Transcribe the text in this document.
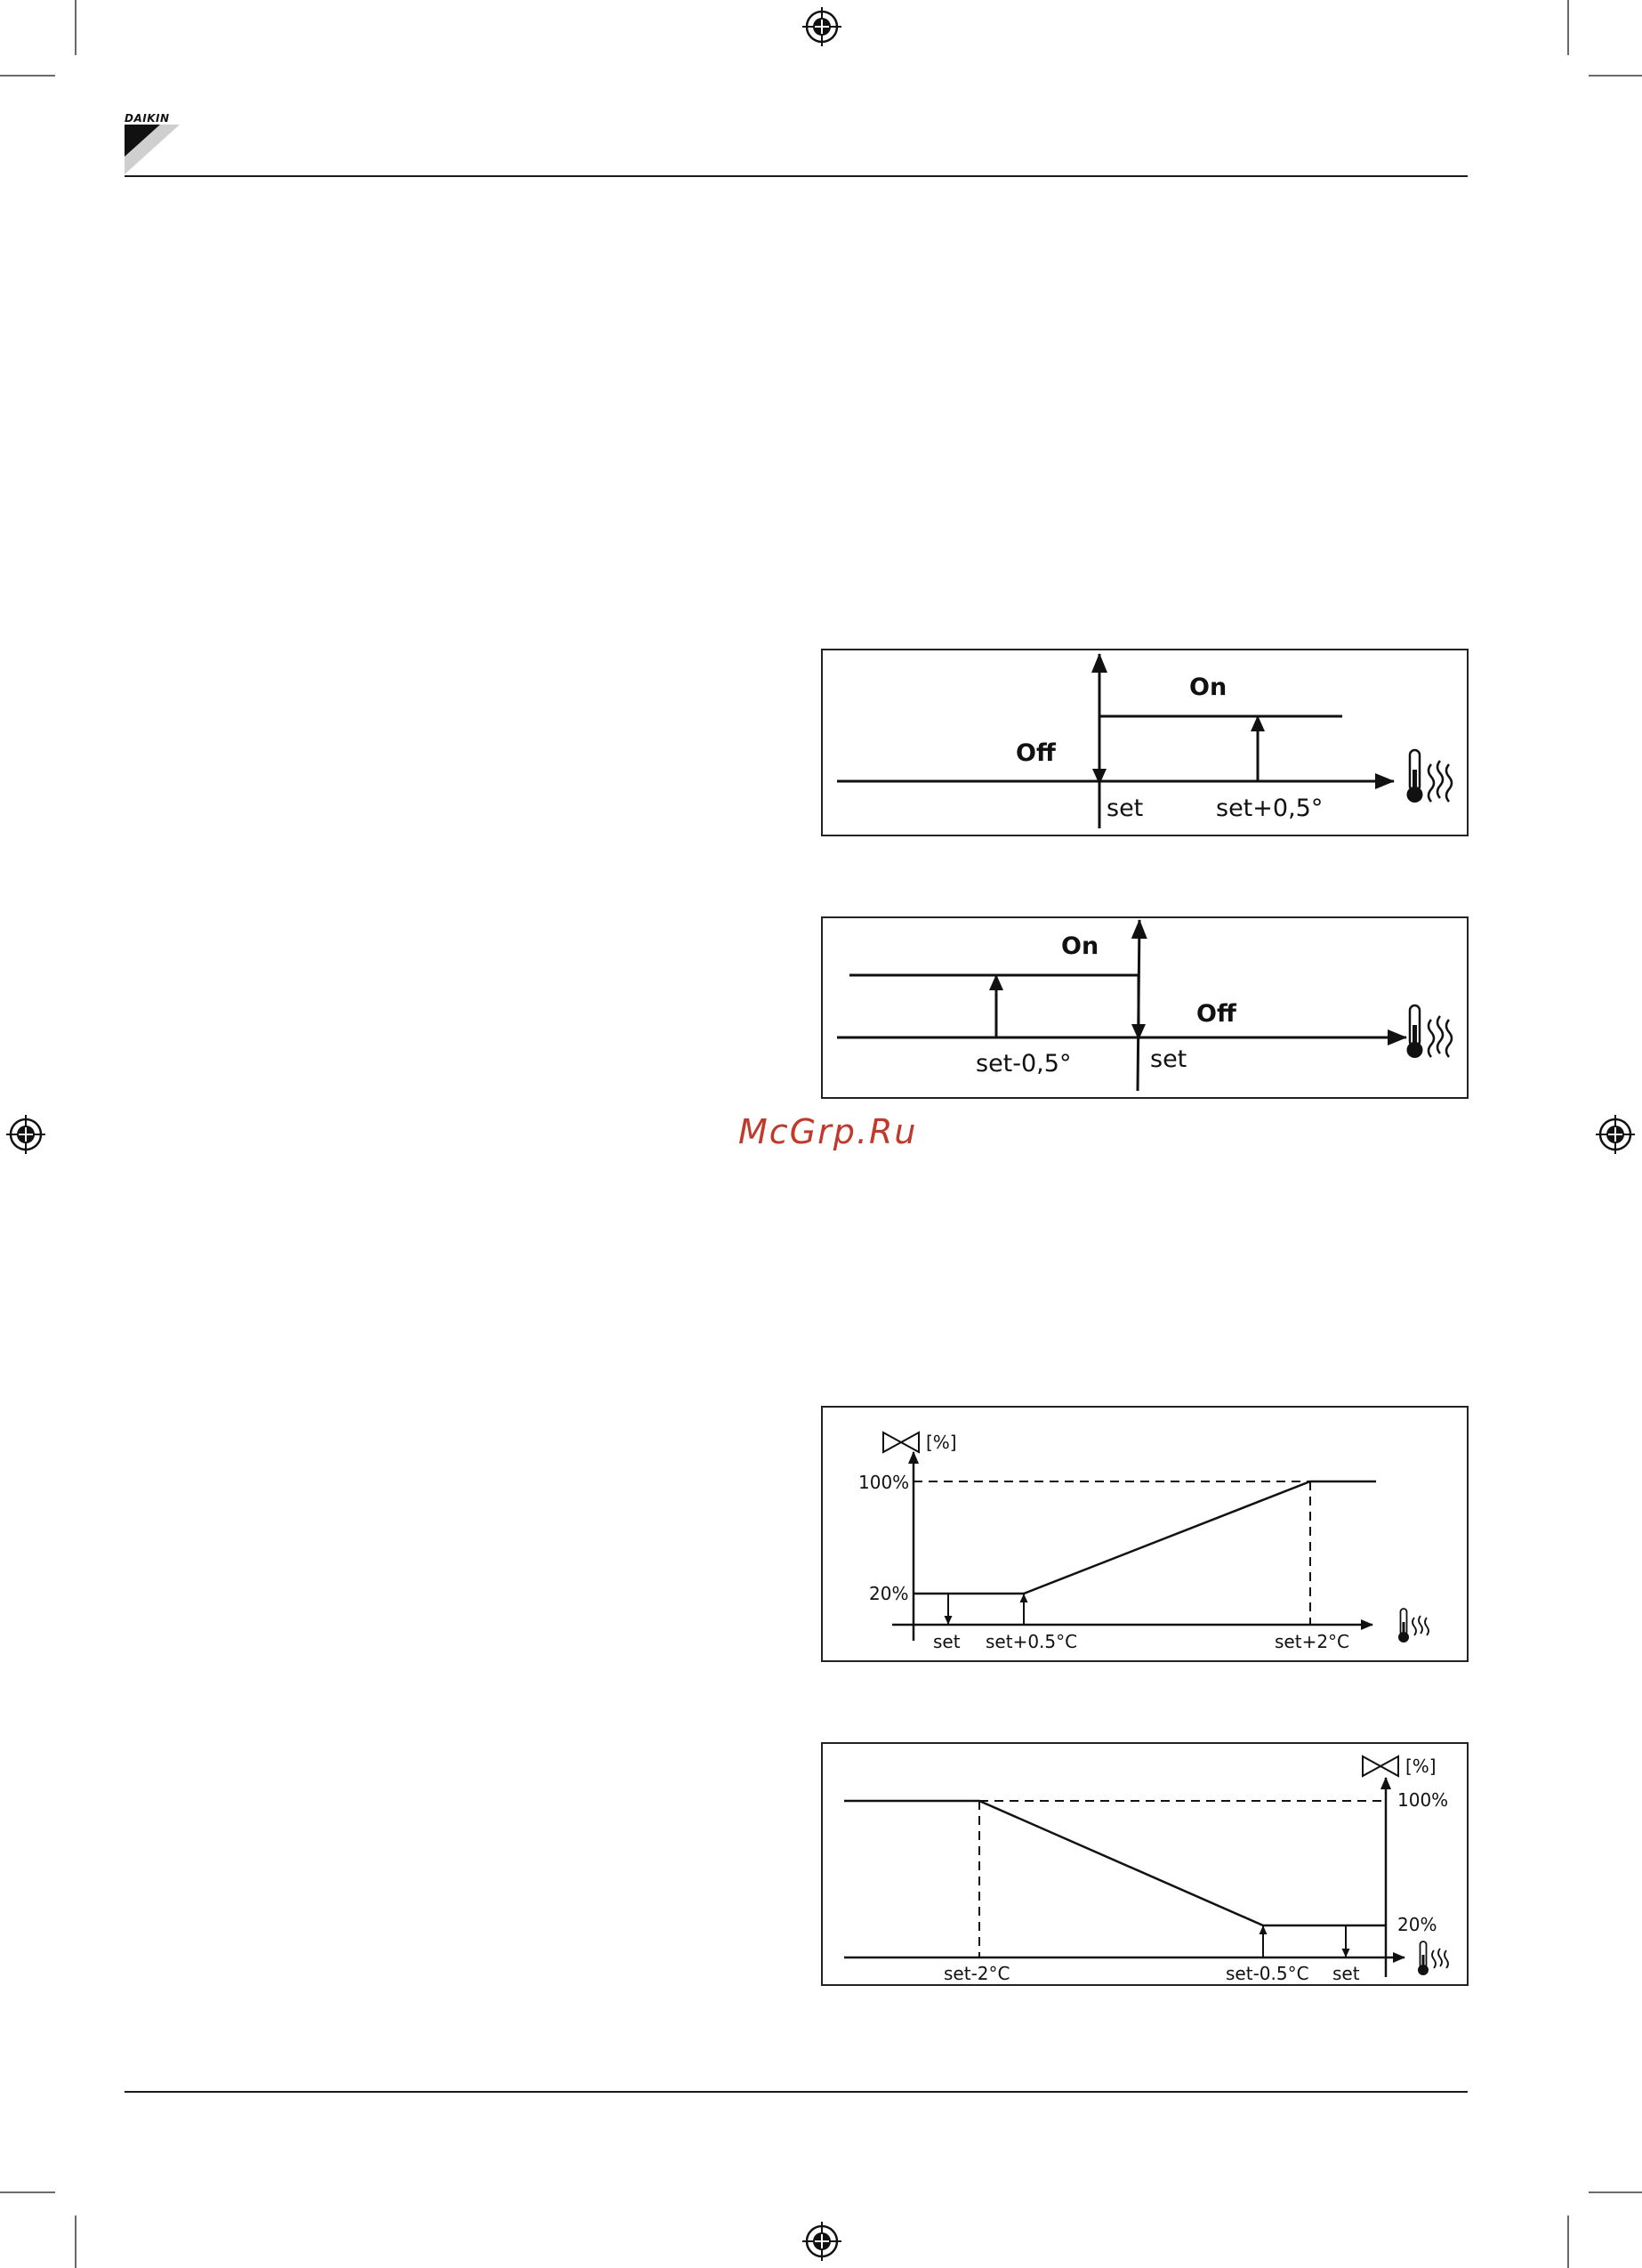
DAIKIN
On
Off
set	set+0,5°
On
Off
set-0,5°	set
McGrp.Ru
[%]
100%
20%
set set+0.5°C	set+2°C
[%]
100%
20%
set-2°C	set-0.5°C set
